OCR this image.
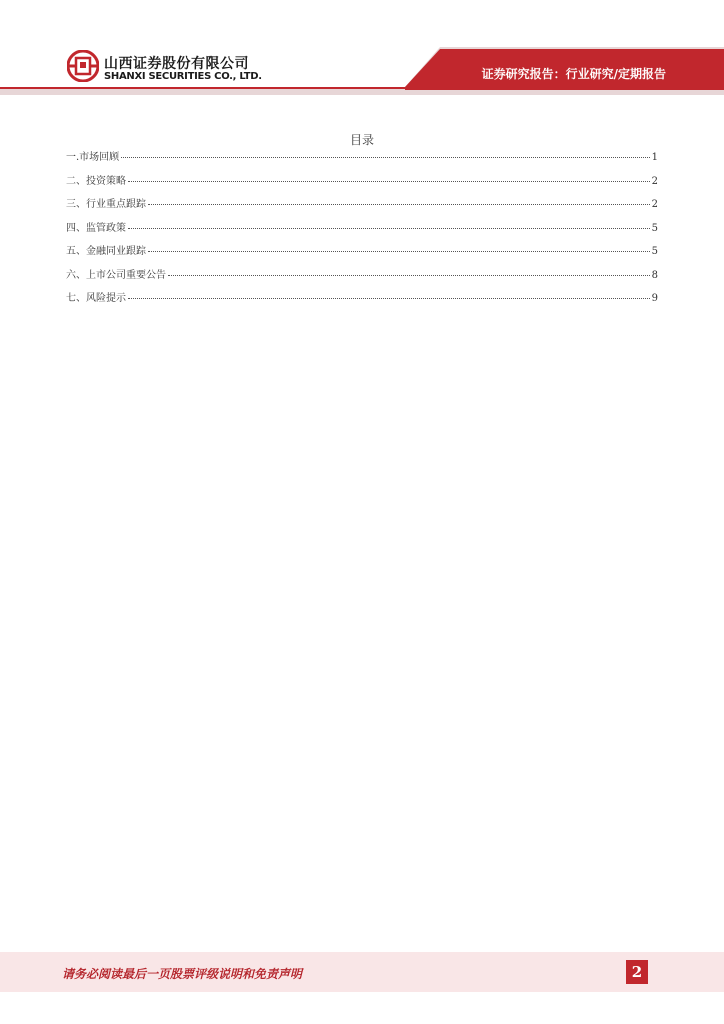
山西证券股份有限公司
SHANXI SECURITIES CO., LTD.	证券研究报告：行业研究/定期报告
目录
一.市场回顾	1
二、投资策略	2
三、行业重点跟踪	2
四、监管政策	5
五、金融同业跟踪	5
六、上市公司重要公告	8
七、风险提示	9
请务必阅读最后一页股票评级说明和免责声明	2
